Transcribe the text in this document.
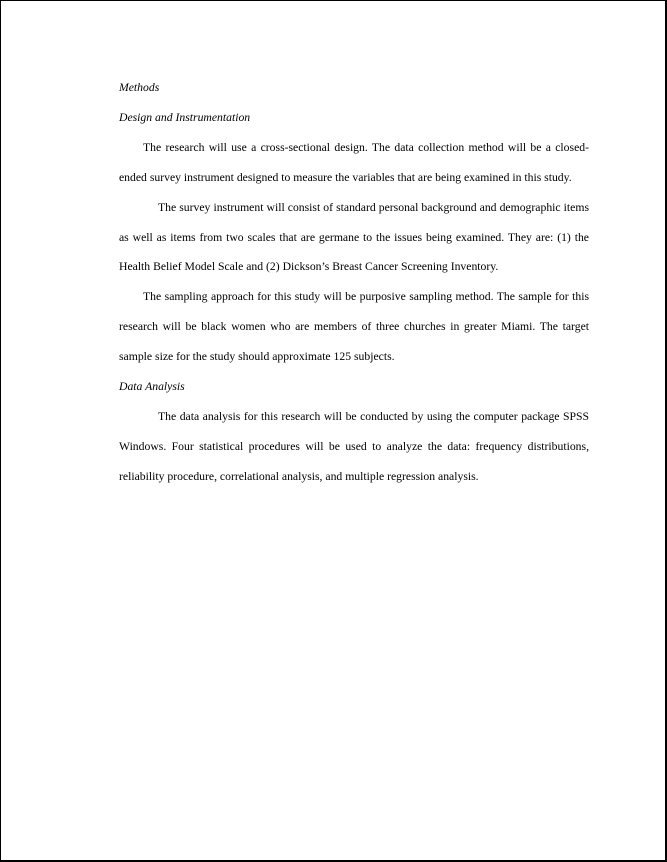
Methods

Design and Instrumentation

The research will use a cross-sectional design. The data collection method will be a closed-ended survey instrument designed to measure the variables that are being examined in this study.

The survey instrument will consist of standard personal background and demographic items as well as items from two scales that are germane to the issues being examined. They are: (1) the Health Belief Model Scale and (2) Dickson’s Breast Cancer Screening Inventory.

The sampling approach for this study will be purposive sampling method. The sample for this research will be black women who are members of three churches in greater Miami. The target sample size for the study should approximate 125 subjects.

Data Analysis

The data analysis for this research will be conducted by using the computer package SPSS Windows. Four statistical procedures will be used to analyze the data: frequency distributions, reliability procedure, correlational analysis, and multiple regression analysis.
